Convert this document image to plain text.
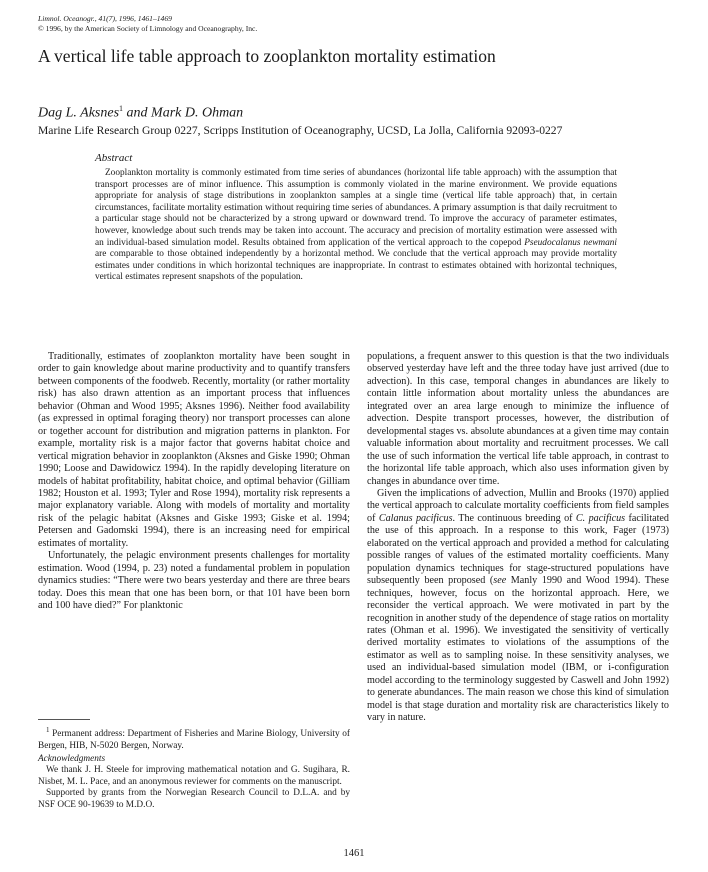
Limnol. Oceanogr., 41(7), 1996, 1461–1469
© 1996, by the American Society of Limnology and Oceanography, Inc.
A vertical life table approach to zooplankton mortality estimation
Dag L. Aksnes$^1$ and Mark D. Ohman
Marine Life Research Group 0227, Scripps Institution of Oceanography, UCSD, La Jolla, California 92093-0227
Abstract

Zooplankton mortality is commonly estimated from time series of abundances (horizontal life table approach) with the assumption that transport processes are of minor influence. This assumption is commonly violated in the marine environment. We provide equations appropriate for analysis of stage distributions in zooplankton samples at a single time (vertical life table approach) that, in certain circumstances, facilitate mortality estimation without requiring time series of abundances. A primary assumption is that daily recruitment to a particular stage should not be characterized by a strong upward or downward trend. To improve the accuracy of parameter estimates, however, knowledge about such trends may be taken into account. The accuracy and precision of mortality estimation were assessed with an individual-based simulation model. Results obtained from application of the vertical approach to the copepod Pseudocalanus newmani are comparable to those obtained independently by a horizontal method. We conclude that the vertical approach may provide mortality estimates under conditions in which horizontal techniques are inappropriate. In contrast to estimates obtained with horizontal techniques, vertical estimates represent snapshots of the population.

Traditionally, estimates of zooplankton mortality have been sought in order to gain knowledge about marine productivity and to quantify transfers between components of the foodweb. Recently, mortality (or rather mortality risk) has also drawn attention as an important process that influences behavior (Ohman and Wood 1995; Aksnes 1996). Neither food availability (as expressed in optimal foraging theory) nor transport processes can alone or together account for distribution and migration patterns in plankton. For example, mortality risk is a major factor that governs habitat choice and vertical migration behavior in zooplankton (Aksnes and Giske 1990; Ohman 1990; Loose and Dawidowicz 1994). In the rapidly developing literature on models of habitat profitability, habitat choice, and optimal behavior (Gilliam 1982; Houston et al. 1993; Tyler and Rose 1994), mortality risk represents a major explanatory variable. Along with models of mortality and mortality risk of the pelagic habitat (Aksnes and Giske 1993; Giske et al. 1994; Petersen and Gadomski 1994), there is an increasing need for empirical estimates of mortality.

Unfortunately, the pelagic environment presents challenges for mortality estimation. Wood (1994, p. 23) noted a fundamental problem in population dynamics studies: “There were two bears yesterday and there are three bears today. Does this mean that one has been born, or that 101 have been born and 100 have died?” For planktonic

$^1$ Permanent address: Department of Fisheries and Marine Biology, University of Bergen, HIB, N-5020 Bergen, Norway.

Acknowledgments

We thank J. H. Steele for improving mathematical notation and G. Sugihara, R. Nisbet, M. L. Pace, and an anonymous reviewer for comments on the manuscript.

Supported by grants from the Norwegian Research Council to D.L.A. and by NSF OCE 90-19639 to M.D.O.

populations, a frequent answer to this question is that the two individuals observed yesterday have left and the three today have just arrived (due to advection). In this case, temporal changes in abundances are likely to contain little information about mortality unless the abundances are integrated over an area large enough to minimize the influence of advection. Despite transport processes, however, the distribution of developmental stages vs. absolute abundances at a given time may contain valuable information about mortality and recruitment processes. We call the use of such information the vertical life table approach, in contrast to the horizontal life table approach, which also uses information given by changes in abundance over time.

Given the implications of advection, Mullin and Brooks (1970) applied the vertical approach to calculate mortality coefficients from field samples of Calanus pacificus. The continuous breeding of C. pacificus facilitated the use of this approach. In a response to this work, Fager (1973) elaborated on the vertical approach and provided a method for calculating possible ranges of values of the estimated mortality coefficients. Many population dynamics techniques for stage-structured populations have subsequently been proposed (see Manly 1990 and Wood 1994). These techniques, however, focus on the horizontal approach. Here, we reconsider the vertical approach. We were motivated in part by the recognition in another study of the dependence of stage ratios on mortality rates (Ohman et al. 1996). We investigated the sensitivity of vertically derived mortality estimates to violations of the assumptions of the estimator as well as to sampling noise. In these sensitivity analyses, we used an individual-based simulation model (IBM, or i-configuration model according to the terminology suggested by Caswell and John 1992) to generate abundances. The main reason we chose this kind of simulation model is that stage duration and mortality risk are characteristics likely to vary in nature.

1461
